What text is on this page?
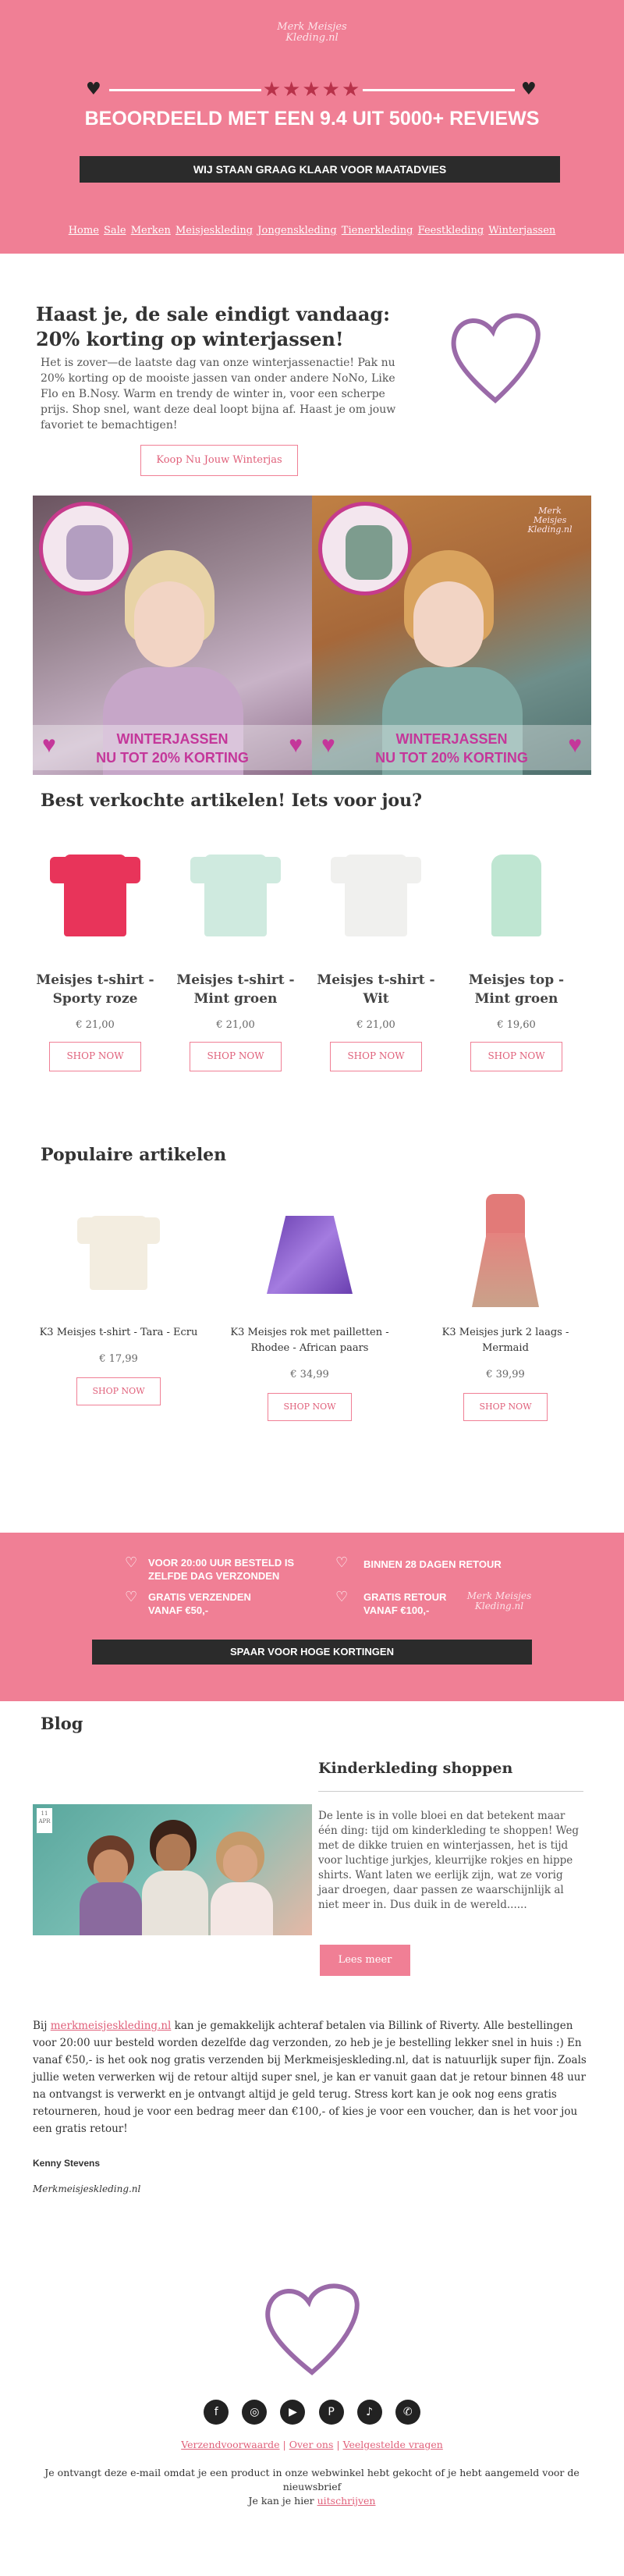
Merk Meisjes Kleding.nl
♥	♥
★★★★★
BEOORDEELD MET EEN 9.4 UIT 5000+ REVIEWS
WIJ STAAN GRAAG KLAAR VOOR MAATADVIES
Home Sale Merken Meisjeskleding Jongenskleding Tienerkleding Feestkleding Winterjassen
Haast je, de sale eindigt vandaag: 20% korting op winterjassen!
Het is zover—de laatste dag van onze winterjassenactie! Pak nu 20% korting op de mooiste jassen van onder andere NoNo, Like Flo en B.Nosy. Warm en trendy de winter in, voor een scherpe prijs. Shop snel, want deze deal loopt bijna af. Haast je om jouw favoriet te bemachtigen!
Koop Nu Jouw Winterjas
♥	WINTERJASSEN
NU TOT 20% KORTING	♥
Merk Meisjes Kleding.nl
♥	WINTERJASSEN
NU TOT 20% KORTING	♥
Best verkochte artikelen! Iets voor jou?
Meisjes t-shirt - Sporty roze
€ 21,00
SHOP NOW
Meisjes t-shirt - Mint groen
€ 21,00
SHOP NOW
Meisjes t-shirt - Wit
€ 21,00
SHOP NOW
Meisjes top - Mint groen
€ 19,60
SHOP NOW
Populaire artikelen
K3 Meisjes t-shirt - Tara - Ecru
€ 17,99
SHOP NOW
K3 Meisjes rok met pailletten - Rhodee - African paars
€ 34,99
SHOP NOW
K3 Meisjes jurk 2 laags - Mermaid
€ 39,99
SHOP NOW
♡ VOOR 20:00 UUR BESTELD IS ZELFDE DAG VERZONDEN
♡ BINNEN 28 DAGEN RETOUR
♡ GRATIS VERZENDEN VANAF €50,-
♡ GRATIS RETOUR VANAF €100,-
Merk Meisjes Kleding.nl
SPAAR VOOR HOGE KORTINGEN
Blog
Kinderkleding shoppen
11
APR	De lente is in volle bloei en dat betekent maar één ding: tijd om kinderkleding te shoppen! Weg met de dikke truien en winterjassen, het is tijd voor luchtige jurkjes, kleurrijke rokjes en hippe shirts. Want laten we eerlijk zijn, wat ze vorig jaar droegen, daar passen ze waarschijnlijk al niet meer in. Dus duik in de wereld......
Lees meer
Bij merkmeisjeskleding.nl kan je gemakkelijk achteraf betalen via Billink of Riverty. Alle bestellingen voor 20:00 uur besteld worden dezelfde dag verzonden, zo heb je je bestelling lekker snel in huis :) En vanaf €50,- is het ook nog gratis verzenden bij Merkmeisjeskleding.nl, dat is natuurlijk super fijn. Zoals jullie weten verwerken wij de retour altijd super snel, je kan er vanuit gaan dat je retour binnen 48 uur na ontvangst is verwerkt en je ontvangt altijd je geld terug. Stress kort kan je ook nog eens gratis retourneren, houd je voor een bedrag meer dan €100,- of kies je voor een voucher, dan is het voor jou een gratis retour!
Kenny Stevens
Merkmeisjeskleding.nl
f	◎	▶	P	♪	✆
Verzendvoorwaarde | Over ons | Veelgestelde vragen
Je ontvangt deze e-mail omdat je een product in onze webwinkel hebt gekocht of je hebt aangemeld voor de nieuwsbrief
Je kan je hier uitschrijven
